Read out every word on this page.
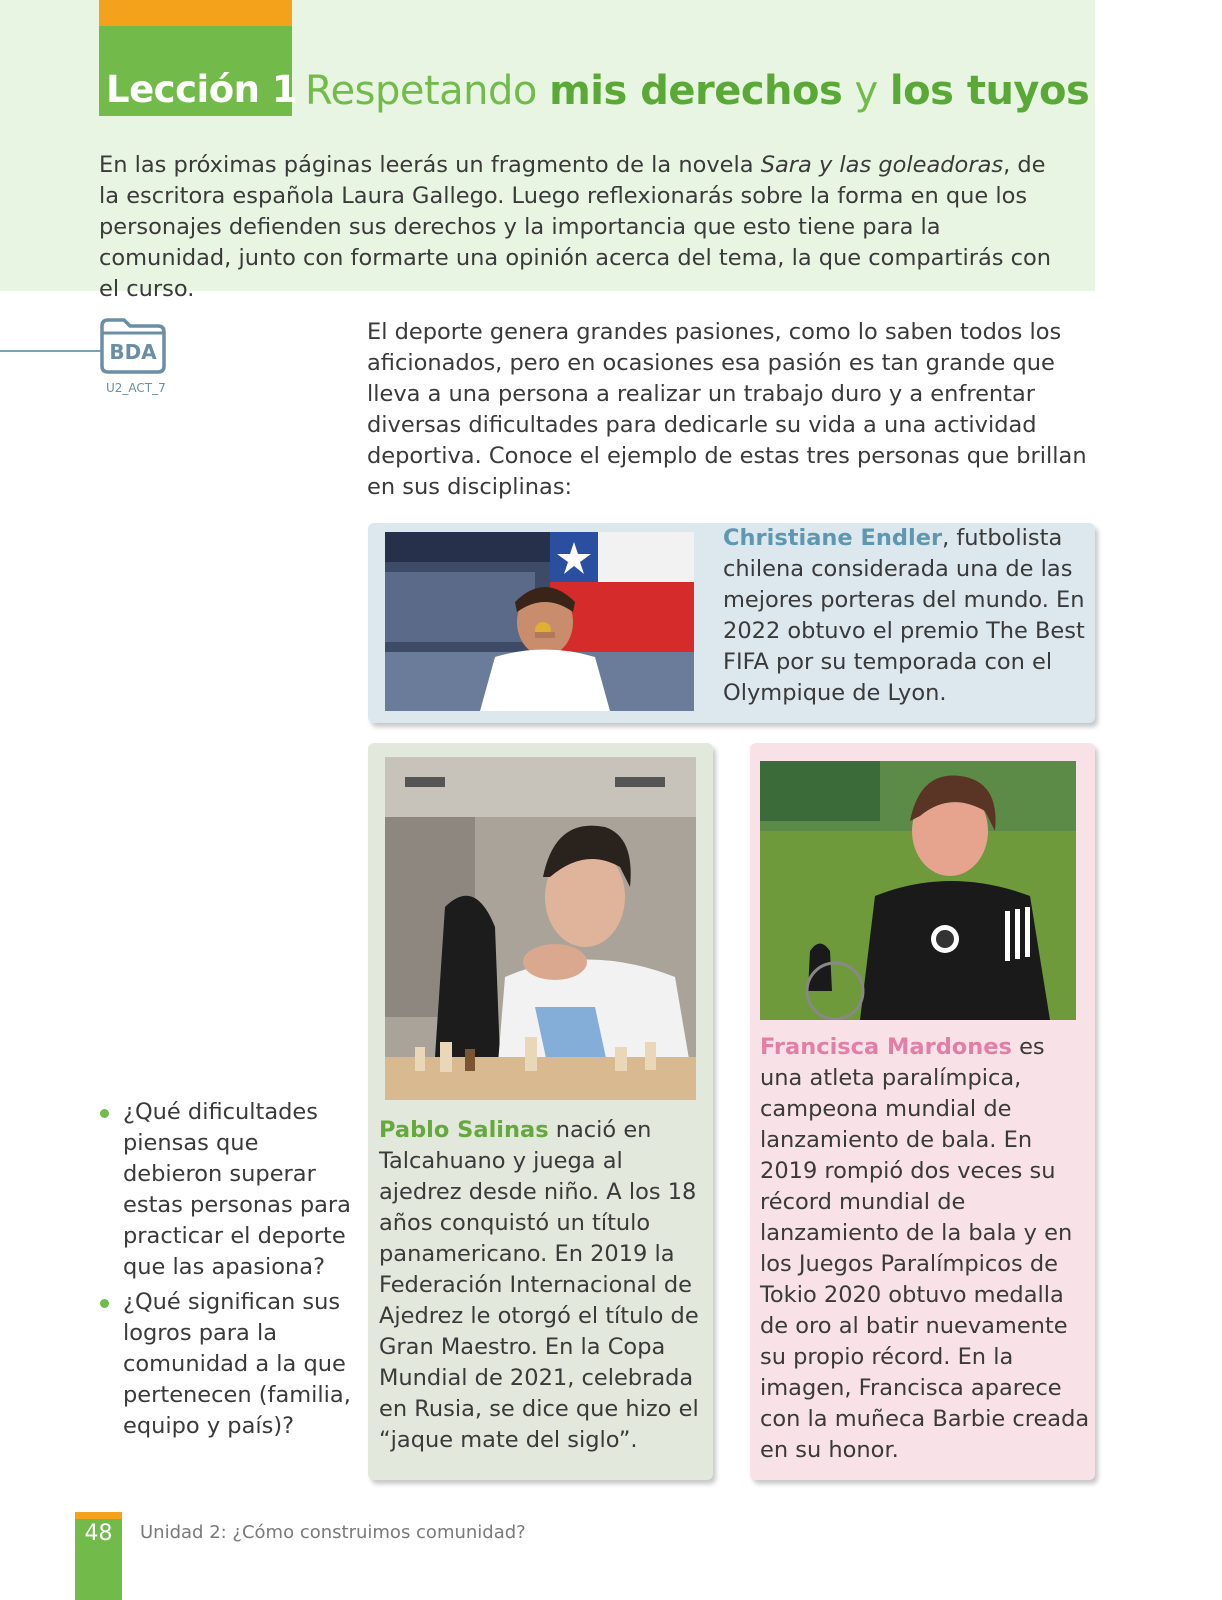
Lección 1 Respetando mis derechos y los tuyos
En las próximas páginas leerás un fragmento de la novela Sara y las goleadoras, de la escritora española Laura Gallego. Luego reflexionarás sobre la forma en que los personajes defienden sus derechos y la importancia que esto tiene para la comunidad, junto con formarte una opinión acerca del tema, la que compartirás con el curso.
BDA
U2_ACT_7
El deporte genera grandes pasiones, como lo saben todos los aficionados, pero en ocasiones esa pasión es tan grande que lleva a una persona a realizar un trabajo duro y a enfrentar diversas dificultades para dedicarle su vida a una actividad deportiva. Conoce el ejemplo de estas tres personas que brillan en sus disciplinas:
Christiane Endler, futbolista chilena considerada una de las mejores porteras del mundo. En 2022 obtuvo el premio The Best FIFA por su temporada con el Olympique de Lyon.
Pablo Salinas nació en Talcahuano y juega al ajedrez desde niño. A los 18 años conquistó un título panamericano. En 2019 la Federación Internacional de Ajedrez le otorgó el título de Gran Maestro. En la Copa Mundial de 2021, celebrada en Rusia, se dice que hizo el “jaque mate del siglo”.
Francisca Mardones es una atleta paralímpica, campeona mundial de lanzamiento de bala. En 2019 rompió dos veces su récord mundial de lanzamiento de la bala y en los Juegos Paralímpicos de Tokio 2020 obtuvo medalla de oro al batir nuevamente su propio récord. En la imagen, Francisca aparece con la muñeca Barbie creada en su honor.
¿Qué dificultades piensas que debieron superar estas personas para practicar el deporte que las apasiona?
¿Qué significan sus logros para la comunidad a la que pertenecen (familia, equipo y país)?
48	Unidad 2: ¿Cómo construimos comunidad?
